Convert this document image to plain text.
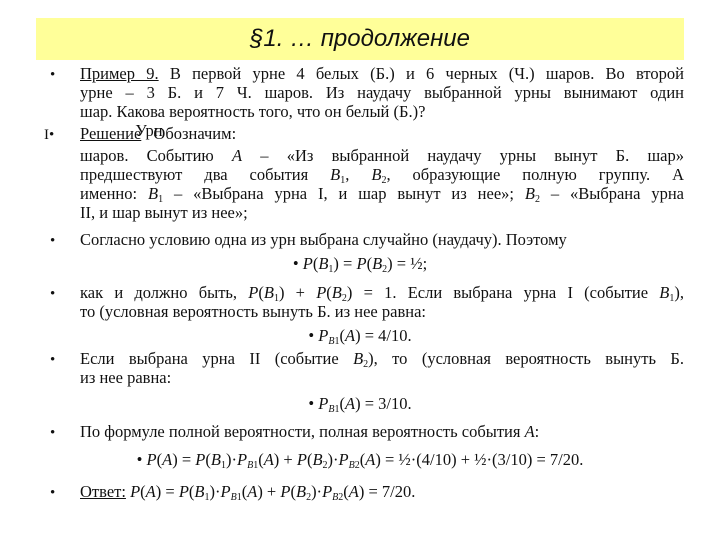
§1. … продолжение
• Пример 9. В первой урне 4 белых (Б.) и 6 черных (Ч.) шаров. Во второй
урне – 3 Б. и 7 Ч. шаров. Из наудачу выбранной урны вынимают один
шар. Какова вероятность того, что он белый (Б.)?
I• Решение
Урн
Обозначим:
шаров. Событию A – «Из выбранной наудачу урны вынут Б. шар»
предшествуют два события $B_1$, $B_2$, образующие полную группу. А
именно: $B_1$ – «Выбрана урна I, и шар вынут из нее»; $B_2$ – «Выбрана урна
II, и шар вынут из нее»;
• Согласно условию одна из урн выбрана случайно (наудачу). Поэтому
• $P(B_1) = P(B_2)$ = ½;
• как и должно быть, $P(B_1) + P(B_2) = 1$. Если выбрана урна I (событие $B_1$),
то (условная вероятность вынуть Б. из нее равна:
• $P_{B1}(A) = 4/10$.
• Если выбрана урна II (событие $B_2$), то (условная вероятность вынуть Б.
из нее равна:
• $P_{B1}(A) = 3/10$.
• По формуле полной вероятности, полная вероятность события A:
• $P(A) = P(B_1)\cdot P_{B1}(A) + P(B_2)\cdot P_{B2}(A)$ = ½·(4/10) + ½·(3/10) = 7/20.
• Ответ: $P(A) = P(B_1)\cdot P_{B1}(A) + P(B_2)\cdot P_{B2}(A) = 7/20$.
